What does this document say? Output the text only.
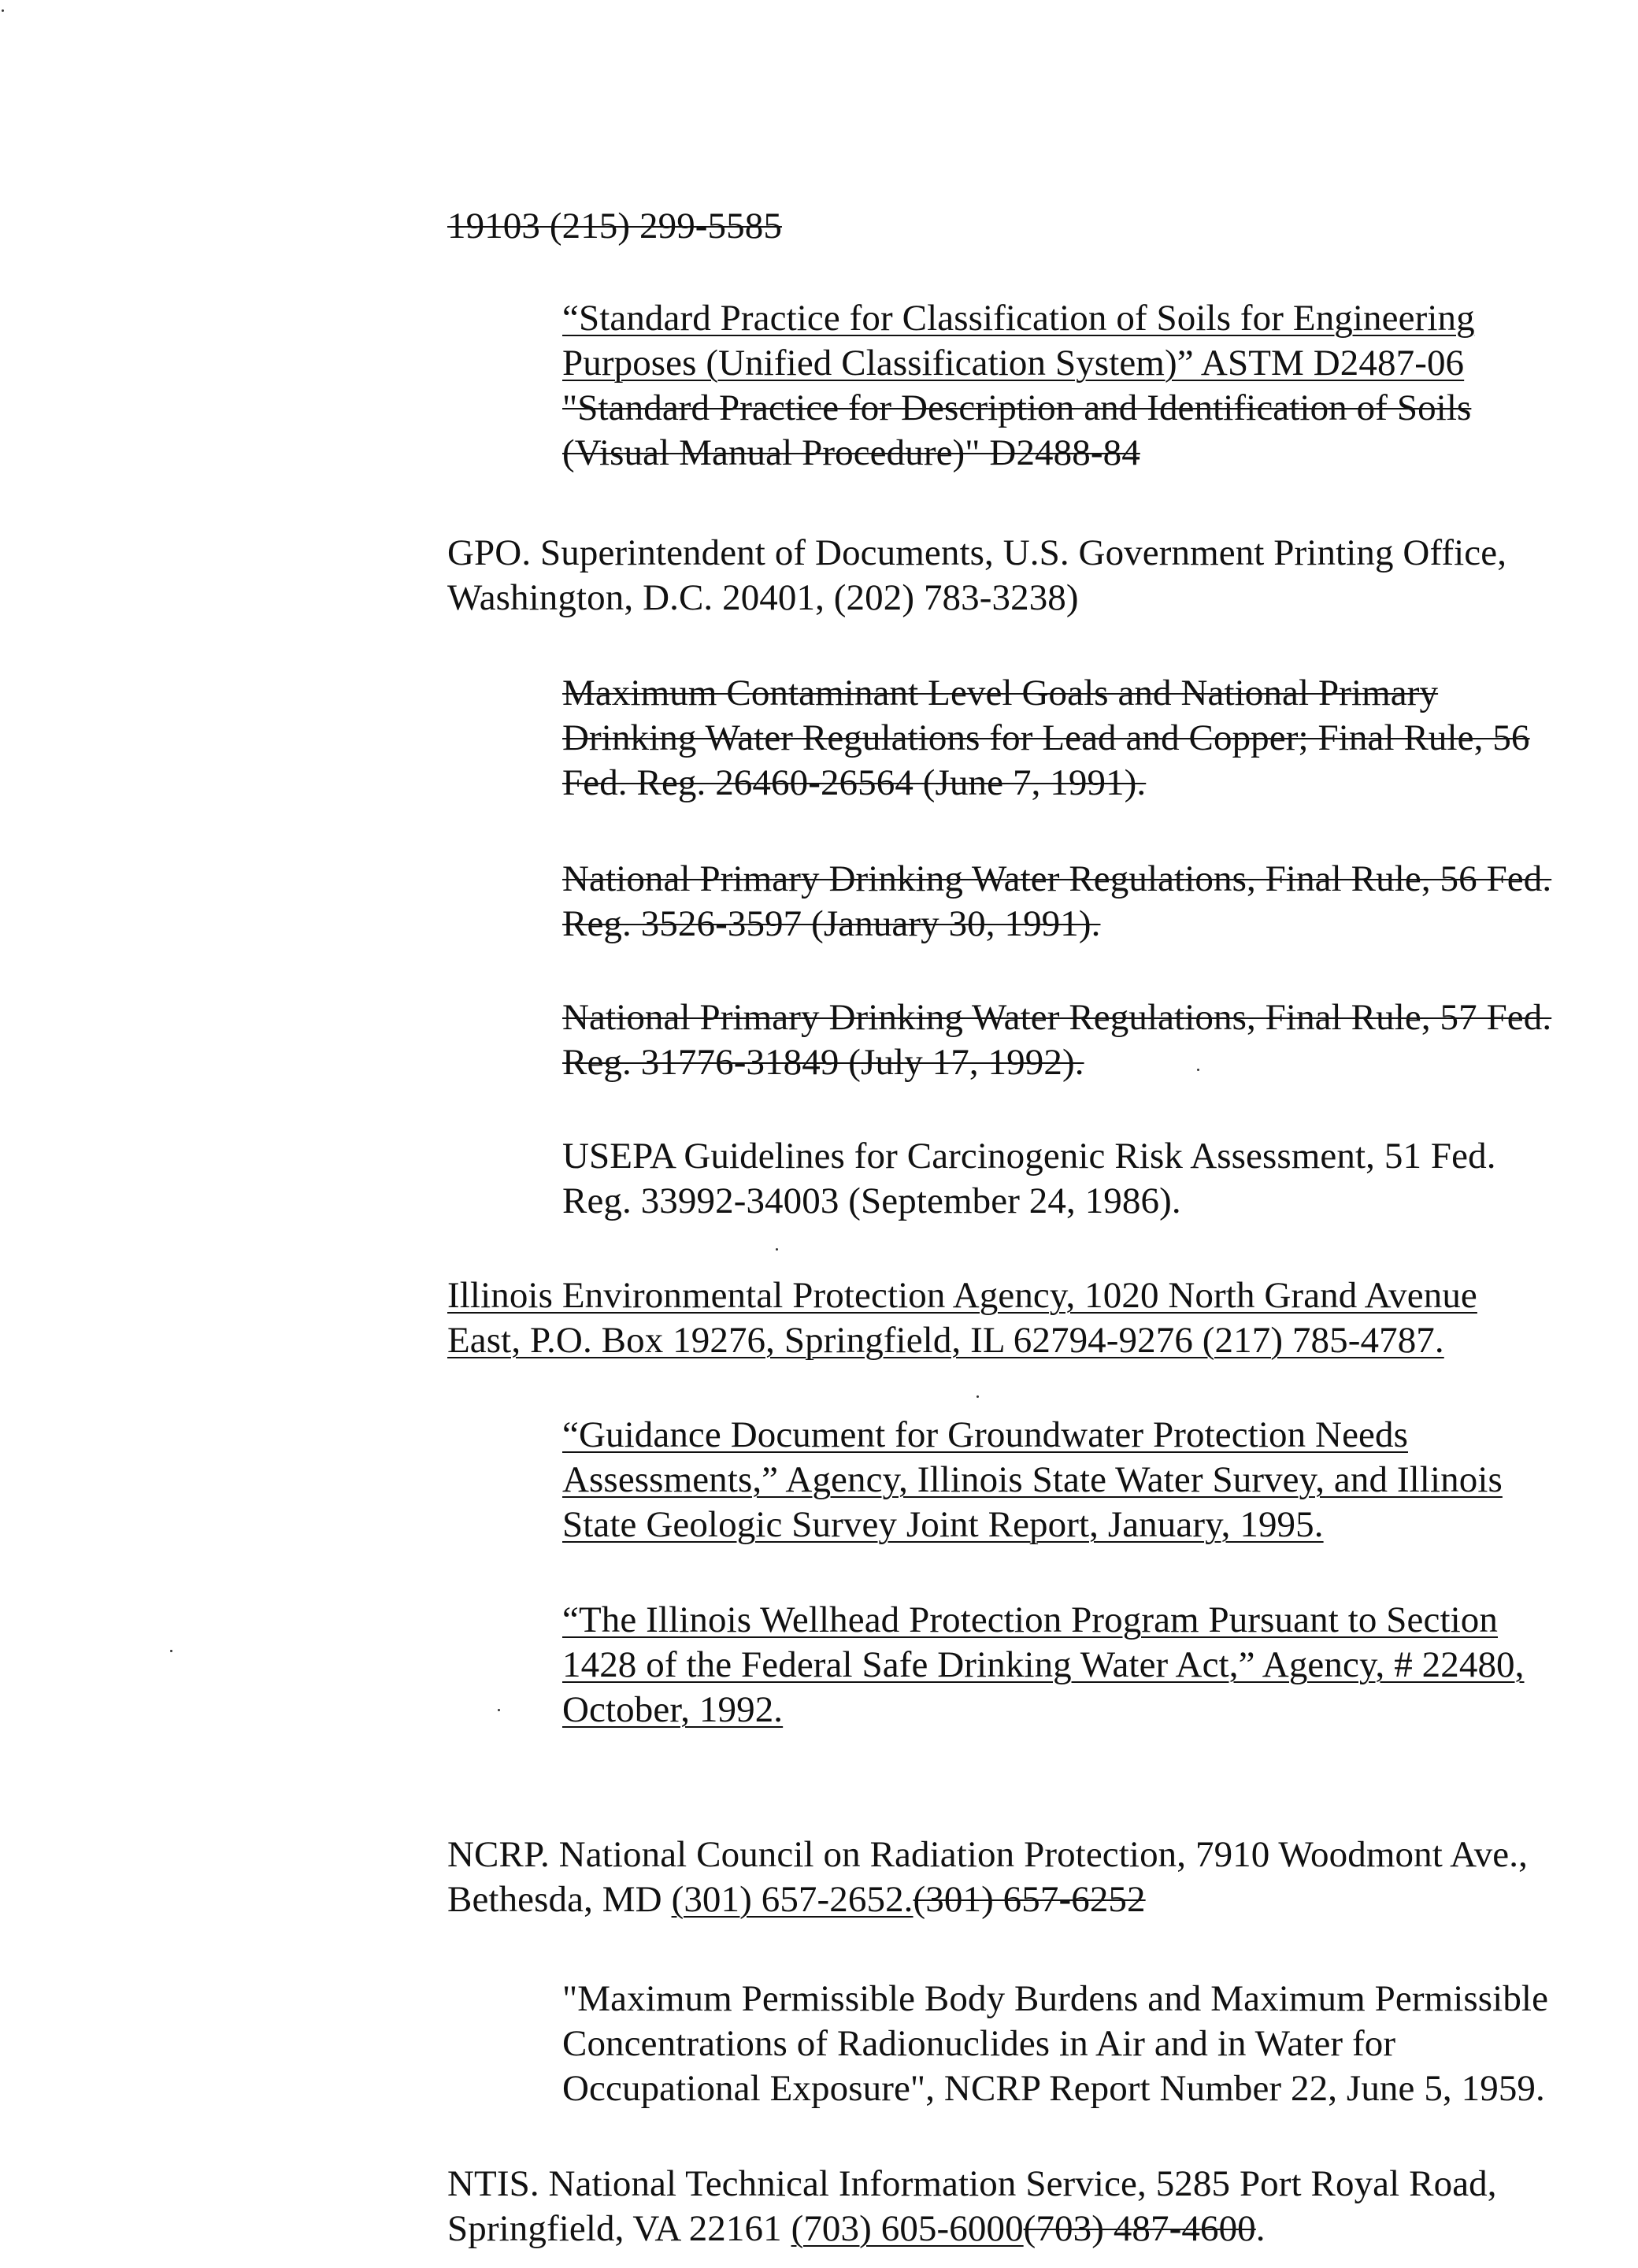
19103 (215) 299-5585
“Standard Practice for Classification of Soils for Engineering
Purposes (Unified Classification System)” ASTM D2487-06
"Standard Practice for Description and Identification of Soils
(Visual Manual Procedure)" D2488-84
GPO. Superintendent of Documents, U.S. Government Printing Office,
Washington, D.C. 20401, (202) 783-3238)
Maximum Contaminant Level Goals and National Primary
Drinking Water Regulations for Lead and Copper; Final Rule, 56
Fed. Reg. 26460-26564 (June 7, 1991).
National Primary Drinking Water Regulations, Final Rule, 56 Fed.
Reg. 3526-3597 (January 30, 1991).
National Primary Drinking Water Regulations, Final Rule, 57 Fed.
Reg. 31776-31849 (July 17, 1992).
USEPA Guidelines for Carcinogenic Risk Assessment, 51 Fed.
Reg. 33992-34003 (September 24, 1986).
Illinois Environmental Protection Agency, 1020 North Grand Avenue
East, P.O. Box 19276, Springfield, IL 62794-9276 (217) 785-4787.
“Guidance Document for Groundwater Protection Needs
Assessments,” Agency, Illinois State Water Survey, and Illinois
State Geologic Survey Joint Report, January, 1995.
“The Illinois Wellhead Protection Program Pursuant to Section
1428 of the Federal Safe Drinking Water Act,” Agency, # 22480,
October, 1992.
NCRP. National Council on Radiation Protection, 7910 Woodmont Ave.,
Bethesda, MD (301) 657-2652.(301) 657-6252
"Maximum Permissible Body Burdens and Maximum Permissible
Concentrations of Radionuclides in Air and in Water for
Occupational Exposure", NCRP Report Number 22, June 5, 1959.
NTIS. National Technical Information Service, 5285 Port Royal Road,
Springfield, VA 22161 (703) 605-6000(703) 487-4600.
